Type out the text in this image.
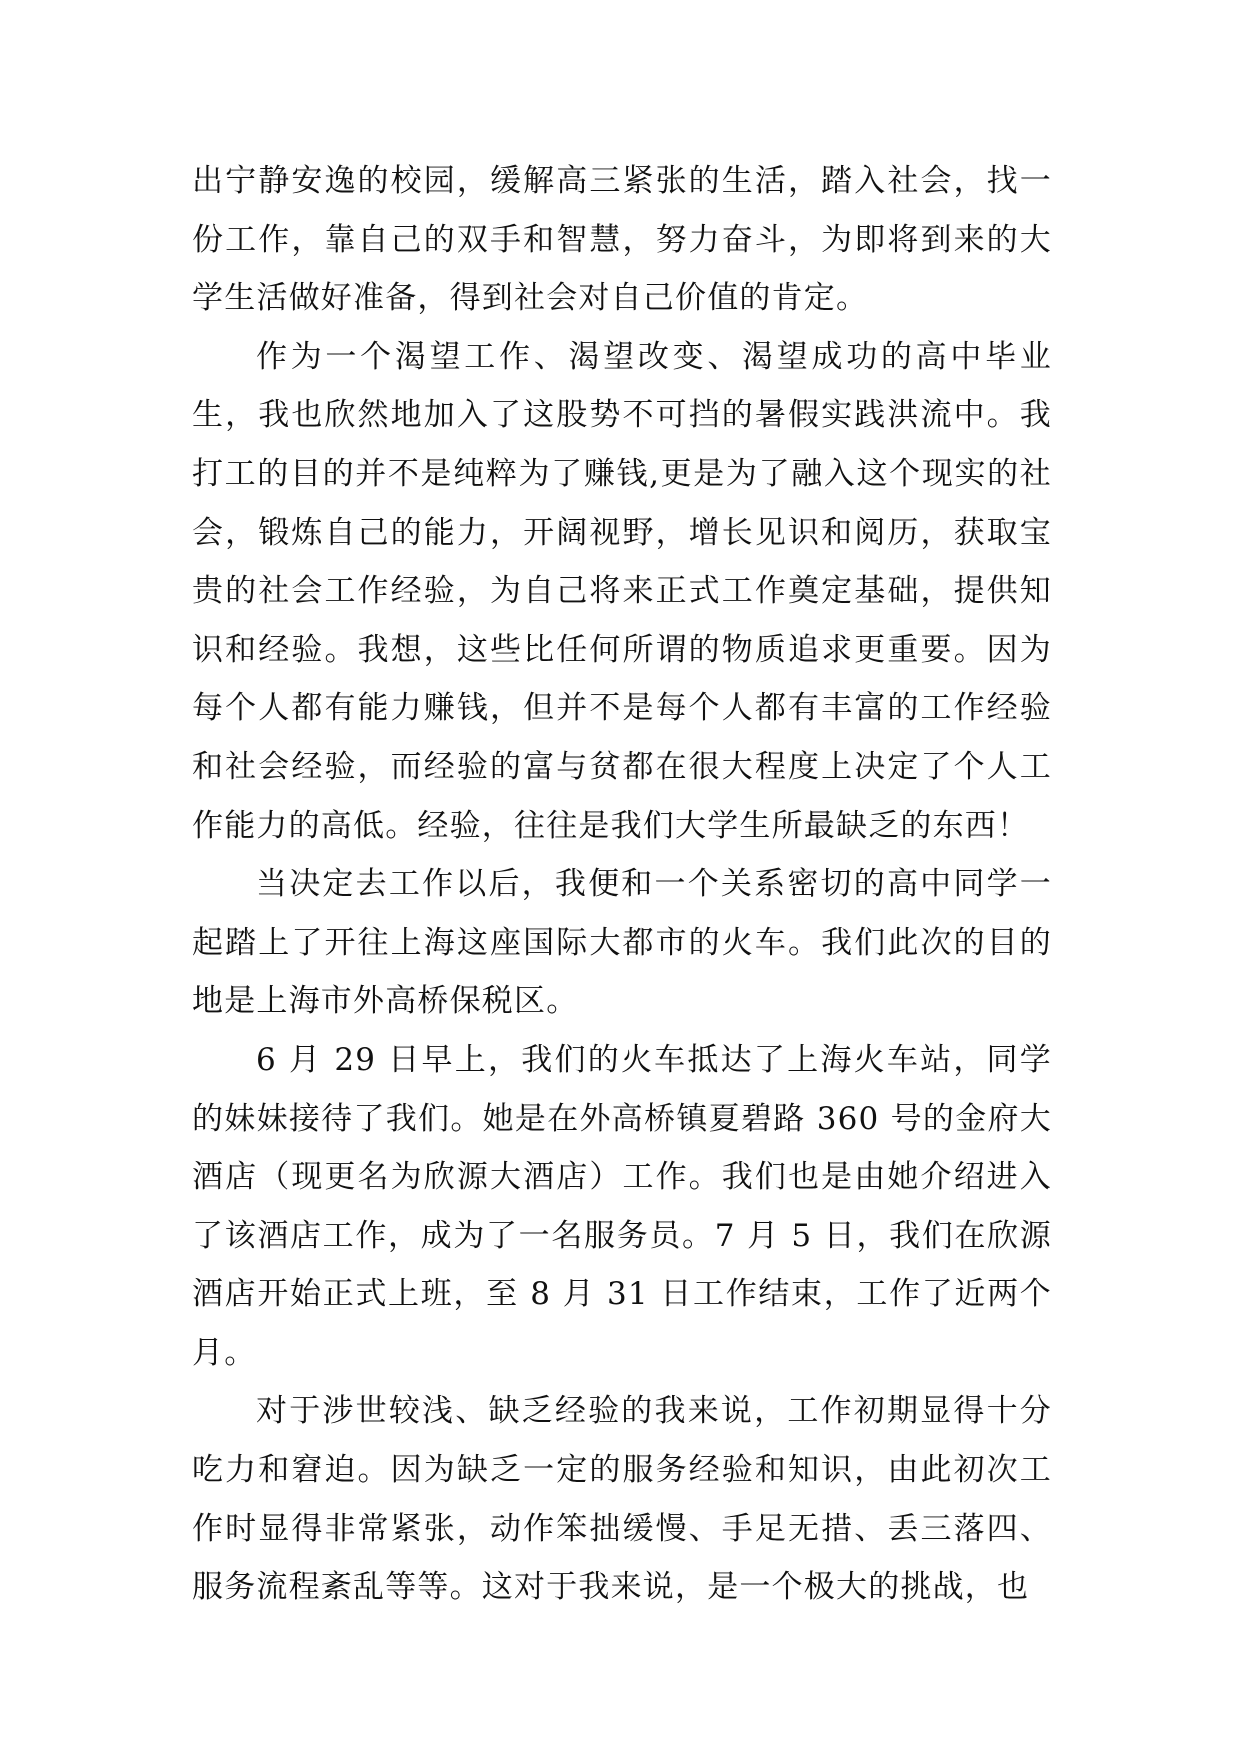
出宁静安逸的校园，缓解高三紧张的生活，踏入社会，找一份工作，靠自己的双手和智慧，努力奋斗，为即将到来的大学生活做好准备，得到社会对自己价值的肯定。

作为一个渴望工作、渴望改变、渴望成功的高中毕业生，我也欣然地加入了这股势不可挡的暑假实践洪流中。我打工的目的并不是纯粹为了赚钱,更是为了融入这个现实的社会，锻炼自己的能力，开阔视野，增长见识和阅历，获取宝贵的社会工作经验，为自己将来正式工作奠定基础，提供知识和经验。我想，这些比任何所谓的物质追求更重要。因为每个人都有能力赚钱，但并不是每个人都有丰富的工作经验和社会经验，而经验的富与贫都在很大程度上决定了个人工作能力的高低。经验，往往是我们大学生所最缺乏的东西！

当决定去工作以后，我便和一个关系密切的高中同学一起踏上了开往上海这座国际大都市的火车。我们此次的目的地是上海市外高桥保税区。

6 月 29 日早上，我们的火车抵达了上海火车站，同学的妹妹接待了我们。她是在外高桥镇夏碧路 360 号的金府大酒店（现更名为欣源大酒店）工作。我们也是由她介绍进入了该酒店工作，成为了一名服务员。7 月 5 日，我们在欣源酒店开始正式上班，至 8 月 31 日工作结束，工作了近两个月。

对于涉世较浅、缺乏经验的我来说，工作初期显得十分吃力和窘迫。因为缺乏一定的服务经验和知识，由此初次工作时显得非常紧张，动作笨拙缓慢、手足无措、丢三落四、服务流程紊乱等等。这对于我来说，是一个极大的挑战，也
